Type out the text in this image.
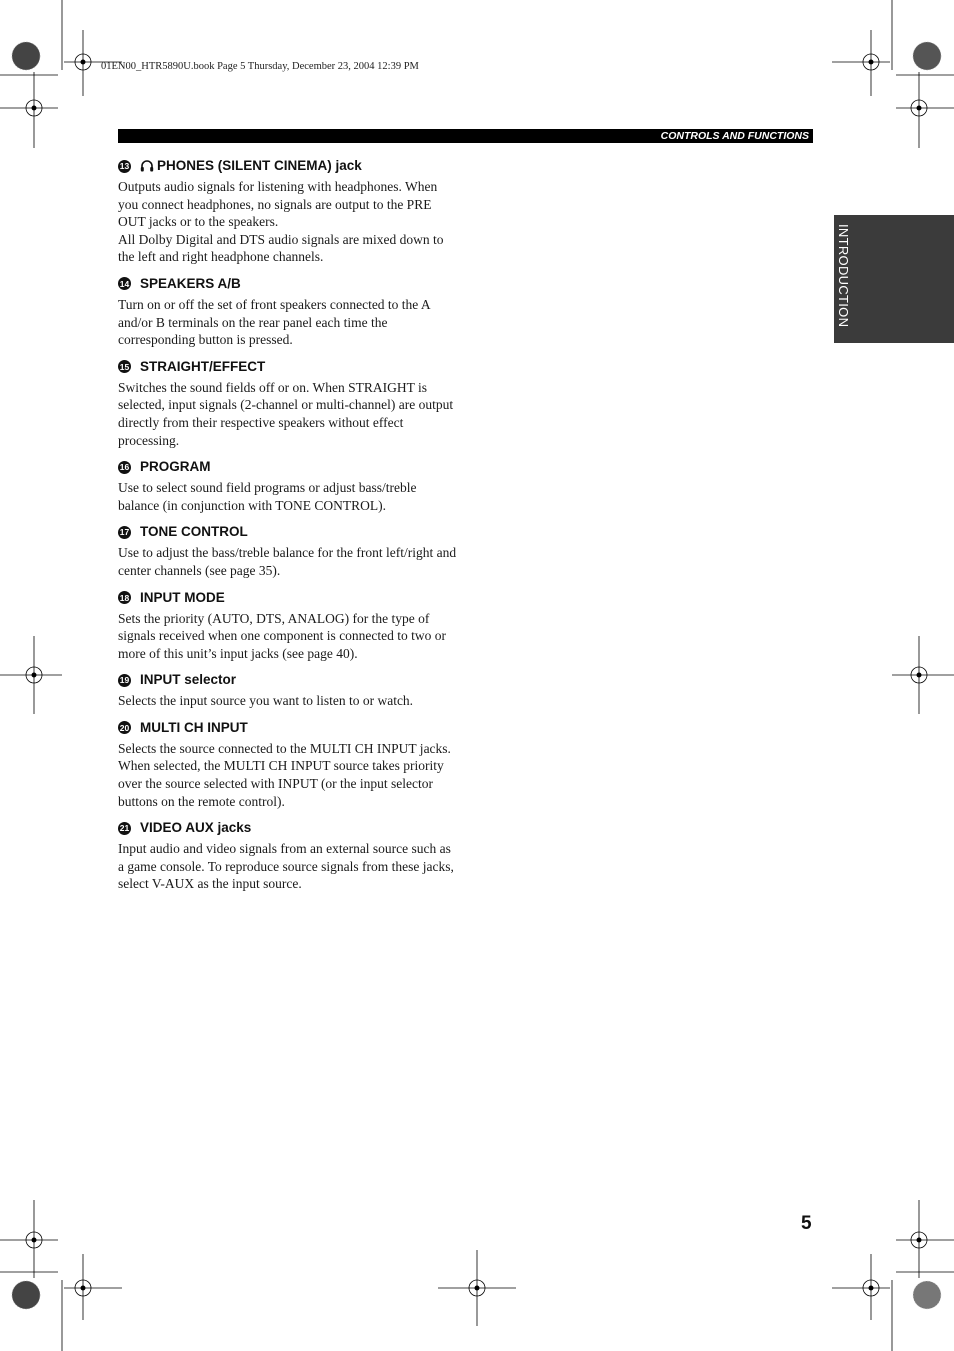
01EN00_HTR5890U.book Page 5 Thursday, December 23, 2004 12:39 PM
CONTROLS AND FUNCTIONS
INTRODUCTION
13 PHONES (SILENT CINEMA) jack

Outputs audio signals for listening with headphones. When you connect headphones, no signals are output to the PRE OUT jacks or to the speakers.
All Dolby Digital and DTS audio signals are mixed down to the left and right headphone channels.

14 SPEAKERS A/B

Turn on or off the set of front speakers connected to the A and/or B terminals on the rear panel each time the corresponding button is pressed.

15 STRAIGHT/EFFECT

Switches the sound fields off or on. When STRAIGHT is selected, input signals (2-channel or multi-channel) are output directly from their respective speakers without effect processing.

16 PROGRAM

Use to select sound field programs or adjust bass/treble balance (in conjunction with TONE CONTROL).

17 TONE CONTROL

Use to adjust the bass/treble balance for the front left/right and center channels (see page 35).

18 INPUT MODE

Sets the priority (AUTO, DTS, ANALOG) for the type of signals received when one component is connected to two or more of this unit’s input jacks (see page 40).

19 INPUT selector

Selects the input source you want to listen to or watch.

20 MULTI CH INPUT

Selects the source connected to the MULTI CH INPUT jacks. When selected, the MULTI CH INPUT source takes priority over the source selected with INPUT (or the input selector buttons on the remote control).

21 VIDEO AUX jacks

Input audio and video signals from an external source such as a game console. To reproduce source signals from these jacks, select V-AUX as the input source.

5
